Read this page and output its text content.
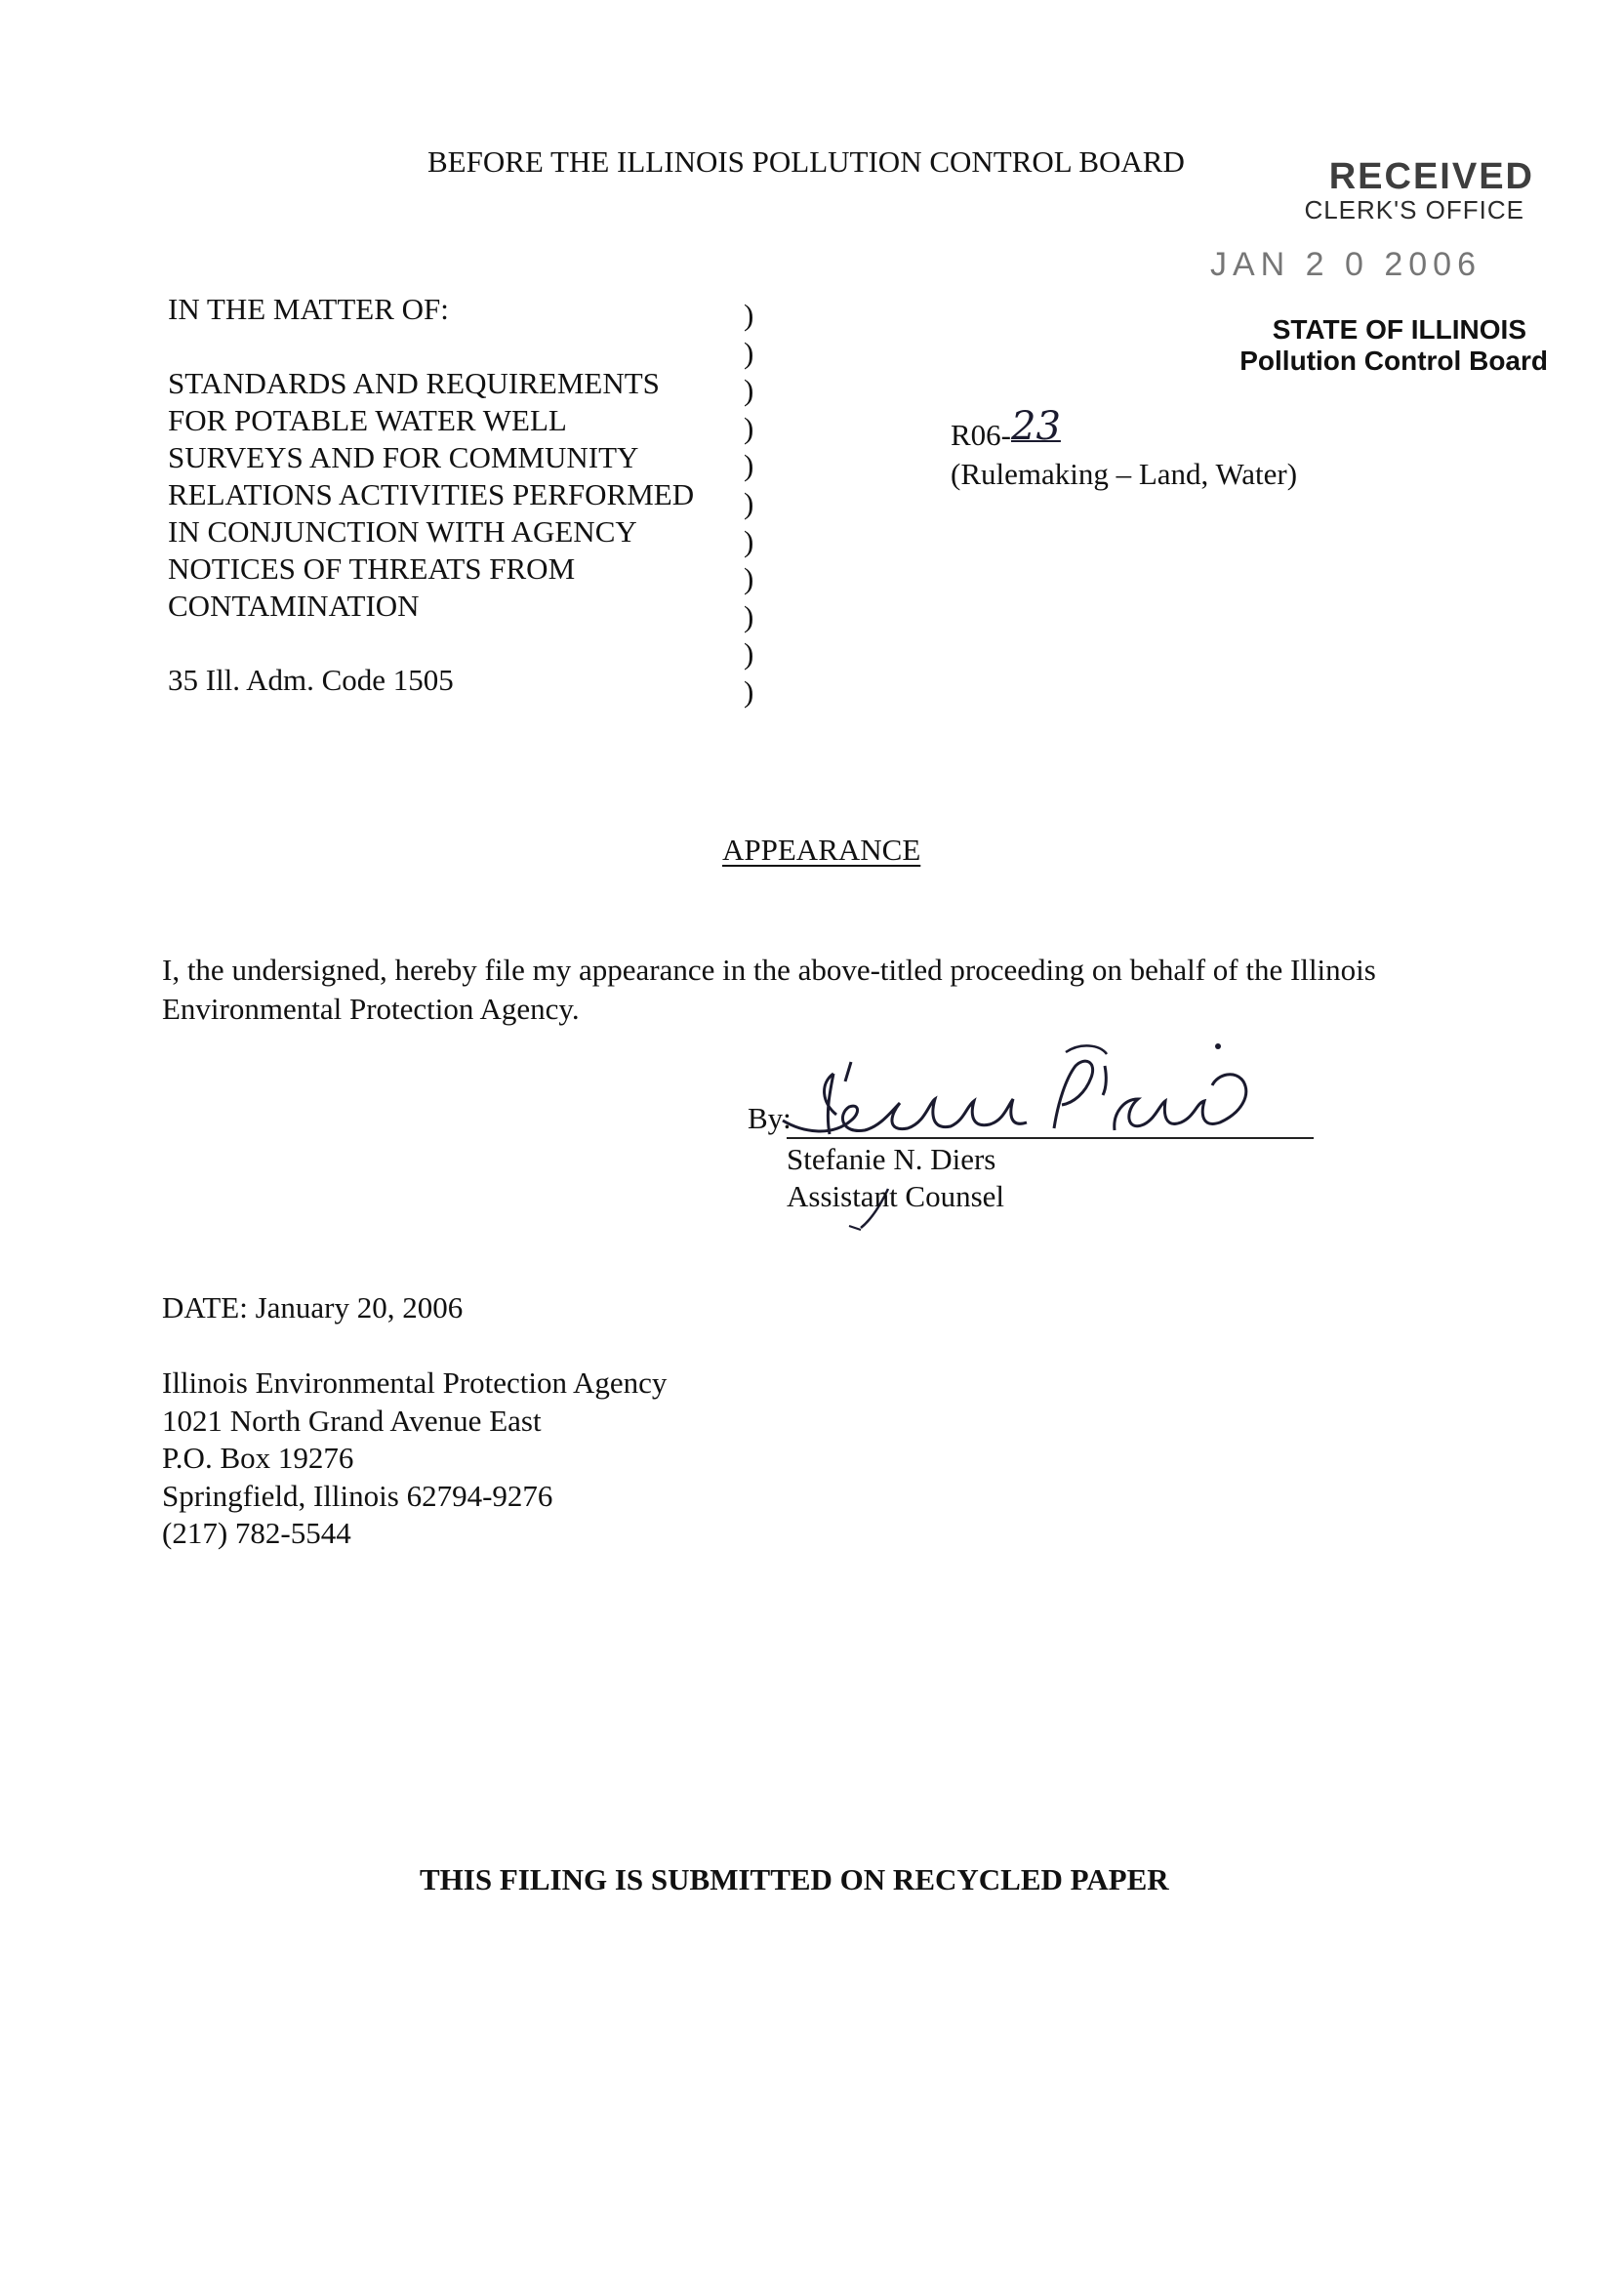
BEFORE THE ILLINOIS POLLUTION CONTROL BOARD	RECEIVED
CLERK'S OFFICE
JAN 2 0 2006
STATE OF ILLINOIS
Pollution Control Board
IN THE MATTER OF:
STANDARDS AND REQUIREMENTS
FOR POTABLE WATER WELL
SURVEYS AND FOR COMMUNITY
RELATIONS ACTIVITIES PERFORMED
IN CONJUNCTION WITH AGENCY
NOTICES OF THREATS FROM
CONTAMINATION
35 Ill. Adm. Code 1505
)
)
)
)
)
)
)
)
)
)
)
R06-23
(Rulemaking – Land, Water)
APPEARANCE
I, the undersigned, hereby file my appearance in the above-titled proceeding on behalf of the Illinois Environmental Protection Agency.
By:
Stefanie N. Diers
Assistant Counsel
DATE: January 20, 2006
Illinois Environmental Protection Agency
1021 North Grand Avenue East
P.O. Box 19276
Springfield, Illinois 62794-9276
(217) 782-5544
THIS FILING IS SUBMITTED ON RECYCLED PAPER
